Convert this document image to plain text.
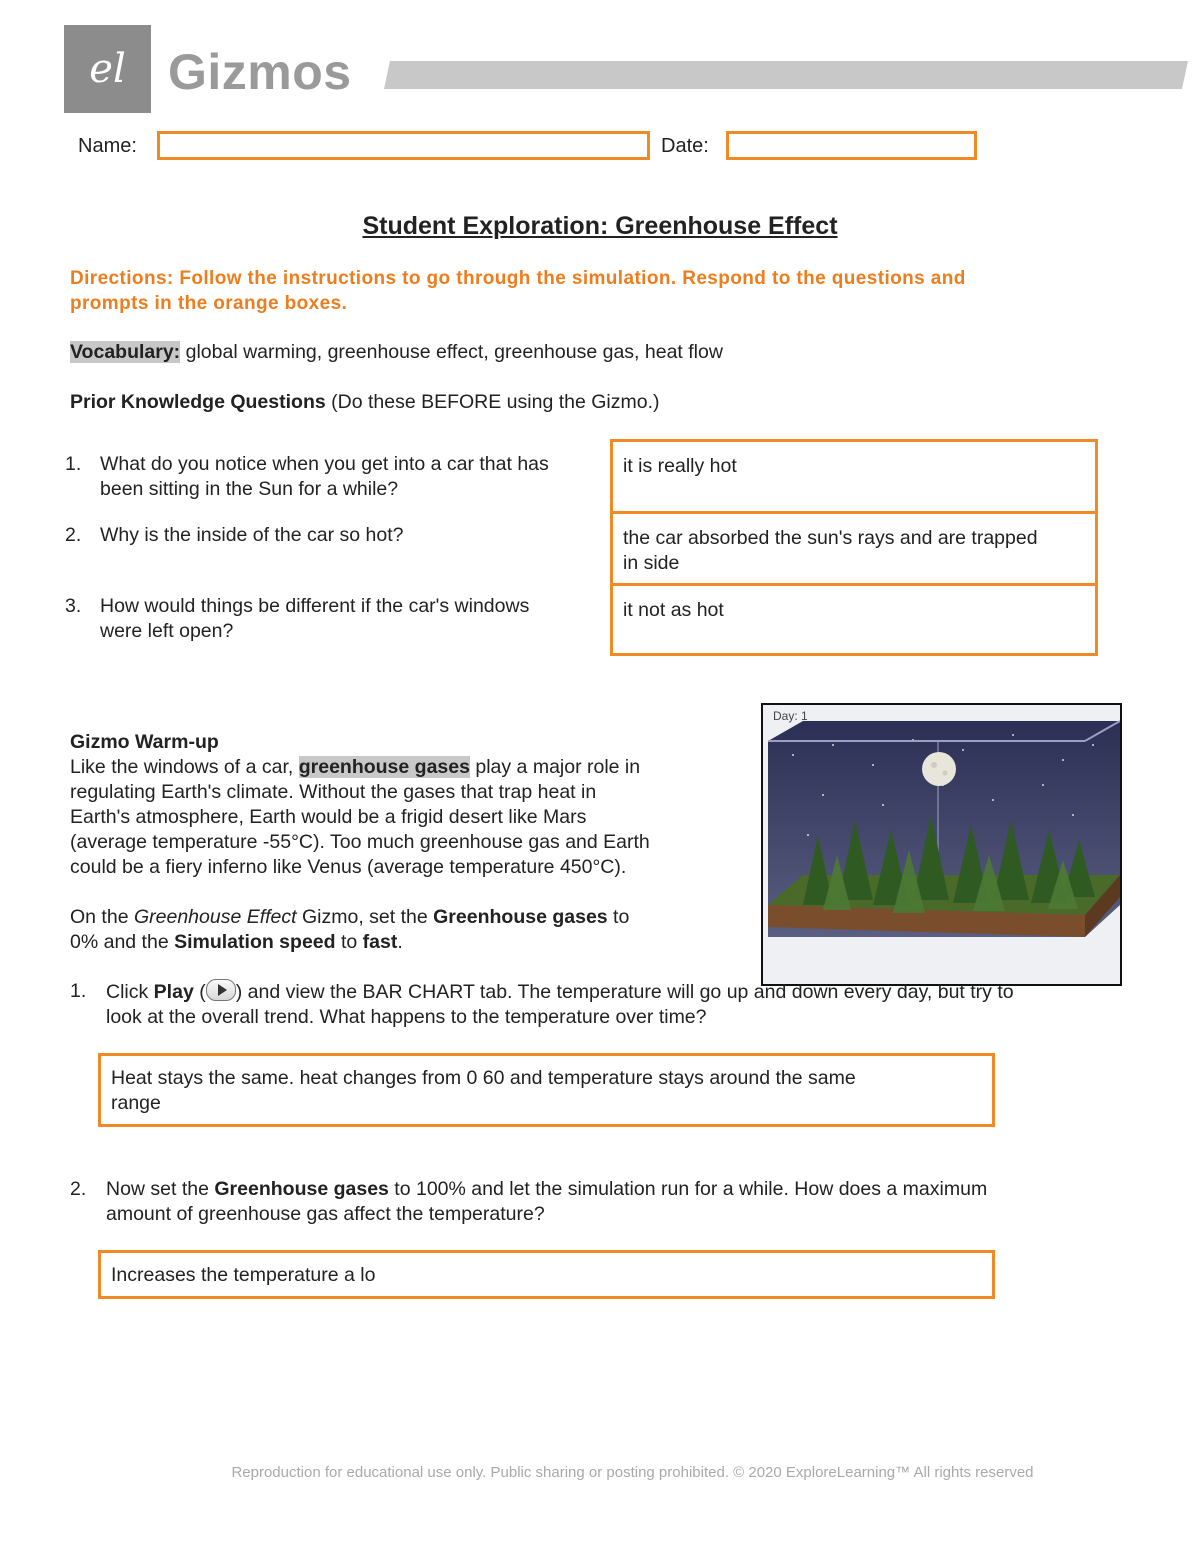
el Gizmos
Name:	Date:
Student Exploration: Greenhouse Effect
Directions: Follow the instructions to go through the simulation. Respond to the questions and
prompts in the orange boxes.
Vocabulary: global warming, greenhouse effect, greenhouse gas, heat flow
Prior Knowledge Questions (Do these BEFORE using the Gizmo.)
1. What do you notice when you get into a car that has
been sitting in the Sun for a while?
2. Why is the inside of the car so hot?
3. How would things be different if the car's windows
were left open?
it is really hot
the car absorbed the sun's rays and are trapped
in side
it not as hot
Gizmo Warm-up
Like the windows of a car, greenhouse gases play a major role in
regulating Earth's climate. Without the gases that trap heat in
Earth's atmosphere, Earth would be a frigid desert like Mars
(average temperature -55°C). Too much greenhouse gas and Earth
could be a fiery inferno like Venus (average temperature 450°C).
On the Greenhouse Effect Gizmo, set the Greenhouse gases to
0% and the Simulation speed to fast.
Day: 1
1. Click Play ( ) and view the BAR CHART tab. The temperature will go up and down every day, but try to
look at the overall trend. What happens to the temperature over time?
Heat stays the same. heat changes from 0 60 and temperature stays around the same
range
2. Now set the Greenhouse gases to 100% and let the simulation run for a while. How does a maximum
amount of greenhouse gas affect the temperature?
Increases the temperature a lo
Reproduction for educational use only. Public sharing or posting prohibited. © 2020 ExploreLearning™ All rights reserved
